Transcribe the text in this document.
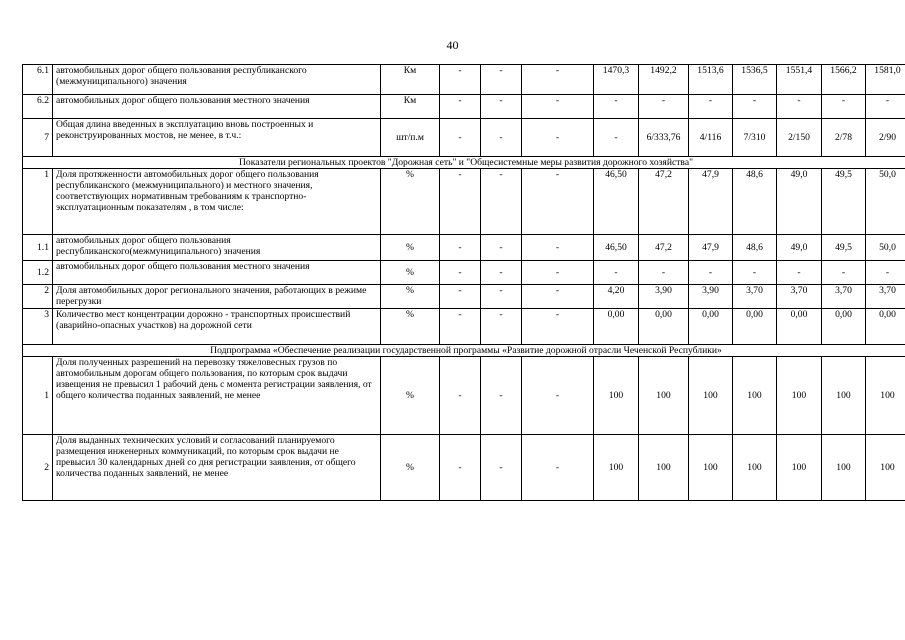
40
6.1	автомобильных дорог общего пользования республиканского (межмуниципального) значения	Км	-	-	-	1470,3	1492,2	1513,6	1536,5	1551,4	1566,2	1581,0
6.2	автомобильных дорог общего пользования местного значения	Км	-	-	-	-	-	-	-	-	-	-
7	Общая длина введенных в эксплуатацию вновь построенных и реконструированных мостов, не менее, в т.ч.:	шт/п.м	-	-	-	-	6/333,76	4/116	7/310	2/150	2/78	2/90
Показатели региональных проектов "Дорожная сеть" и "Общесистемные меры развития дорожного хозяйства"												
1	Доля протяженности автомобильных дорог общего пользования республиканского (межмуниципального) и местного значения, соответствующих нормативным требованиям к транспортно-эксплуатационным показателям , в том числе:	%	-	-	-	46,50	47,2	47,9	48,6	49,0	49,5	50,0
1.1	автомобильных дорог общего пользования республиканского(межмуниципального) значения	%	-	-	-	46,50	47,2	47,9	48,6	49,0	49,5	50,0
1.2	автомобильных дорог общего пользования местного значения	%	-	-	-	-	-	-	-	-	-	-
2	Доля автомобильных дорог регионального значения, работающих в режиме перегрузки	%	-	-	-	4,20	3,90	3,90	3,70	3,70	3,70	3,70
3	Количество мест концентрации дорожно - транспортных происшествий (аварийно-опасных участков) на дорожной сети	%	-	-	-	0,00	0,00	0,00	0,00	0,00	0,00	0,00
Подпрограмма «Обеспечение реализации государственной программы «Развитие дорожной отрасли Чеченской Республики»												
1	Доля полученных разрешений на перевозку тяжеловесных грузов по автомобильным дорогам общего пользования, по которым срок выдачи извещения не превысил 1 рабочий день с момента регистрации заявления, от общего количества поданных заявлений, не менее	%	-	-	-	100	100	100	100	100	100	100
2	Доля выданных технических условий и согласований планируемого размещения инженерных коммуникаций, по которым срок выдачи не превысил 30 календарных дней со дня регистрации заявления, от общего количества поданных заявлений, не менее	%	-	-	-	100	100	100	100	100	100	100
